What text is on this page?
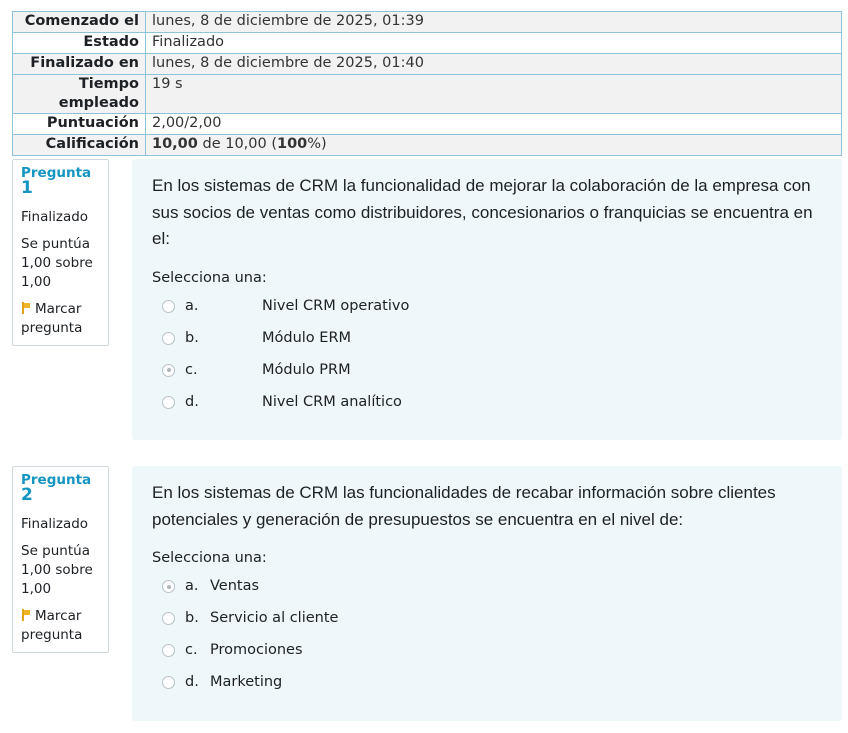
Comenzado el	lunes, 8 de diciembre de 2025, 01:39
Estado	Finalizado
Finalizado en	lunes, 8 de diciembre de 2025, 01:40
Tiempo empleado	19 s
Puntuación	2,00/2,00
Calificación	10,00 de 10,00 (100%)
Pregunta
1
Finalizado
Se puntúa 1,00 sobre 1,00
Marcar pregunta

En los sistemas de CRM la funcionalidad de mejorar la colaboración de la empresa con sus socios de ventas como distribuidores, concesionarios o franquicias se encuentra en el:

Selecciona una:
a.	Nivel CRM operativo
b.	Módulo ERM
c.	Módulo PRM
d.	Nivel CRM analítico
Pregunta
2
Finalizado
Se puntúa 1,00 sobre 1,00
Marcar pregunta

En los sistemas de CRM las funcionalidades de recabar información sobre clientes potenciales y generación de presupuestos se encuentra en el nivel de:

Selecciona una:
a. Ventas
b. Servicio al cliente
c. Promociones
d. Marketing
